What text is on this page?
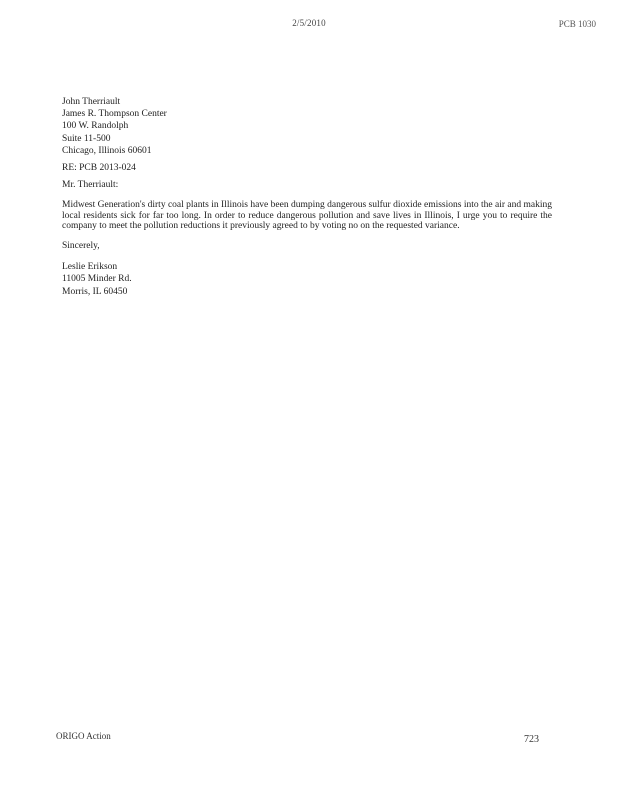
2/5/2010	PCB 1030
John Therriault
James R. Thompson Center
100 W. Randolph
Suite 11-500
Chicago, Illinois 60601
RE: PCB 2013-024
Mr. Therriault:
Midwest Generation's dirty coal plants in Illinois have been dumping dangerous sulfur dioxide emissions into the air and making local residents sick for far too long. In order to reduce dangerous pollution and save lives in Illinois, I urge you to require the company to meet the pollution reductions it previously agreed to by voting no on the requested variance.
Sincerely,
Leslie Erikson
11005 Minder Rd.
Morris, IL 60450
ORIGO Action	723
